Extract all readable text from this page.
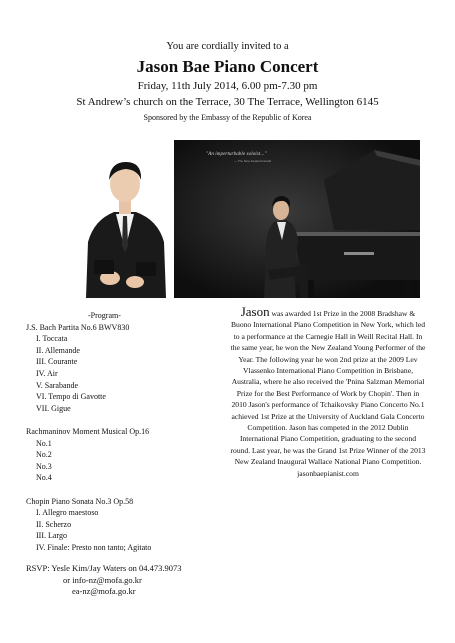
You are cordially invited to a
Jason Bae Piano Concert
Friday, 11th July 2014, 6.00 pm-7.30 pm
St Andrew’s church on the Terrace, 30 The Terrace, Wellington 6145
Sponsored by the Embassy of the Republic of Korea
"An imperturbable soloist..."
— The New Zealand Herald
-Program-
J.S. Bach Partita No.6 BWV830
I. Toccata
II. Allemande
III. Courante
IV. Air
V. Sarabande
VI. Tempo di Gavotte
VII. Gigue
Rachmaninov Moment Musical Op.16
No.1
No.2
No.3
No.4
Chopin Piano Sonata No.3 Op.58
I. Allegro maestoso
II. Scherzo
III. Largo
IV. Finale: Presto non tanto; Agitato
RSVP: Yesle Kim/Jay Waters on 04.473.9073
or info-nz@mofa.go.kr
ea-nz@mofa.go.kr
Jason was awarded 1st Prize in the 2008 Bradshaw & Buono International Piano Competition in New York, which led to a performance at the Carnegie Hall in Weill Recital Hall. In the same year, he won the New Zealand Young Performer of the Year. The following year he won 2nd prize at the 2009 Lev Vlassenko International Piano Competition in Brisbane, Australia, where he also received the 'Pnina Salzman Memorial Prize for the Best Performance of Work by Chopin'. Then in 2010 Jason's performance of Tchaikovsky Piano Concerto No.1 achieved 1st Prize at the University of Auckland Gala Concerto Competition. Jason has competed in the 2012 Dublin International Piano Competition, graduating to the second round. Last year, he was the Grand 1st Prize Winner of the 2013 New Zealand Inaugural Wallace National Piano Competition.
jasonbaepianist.com
